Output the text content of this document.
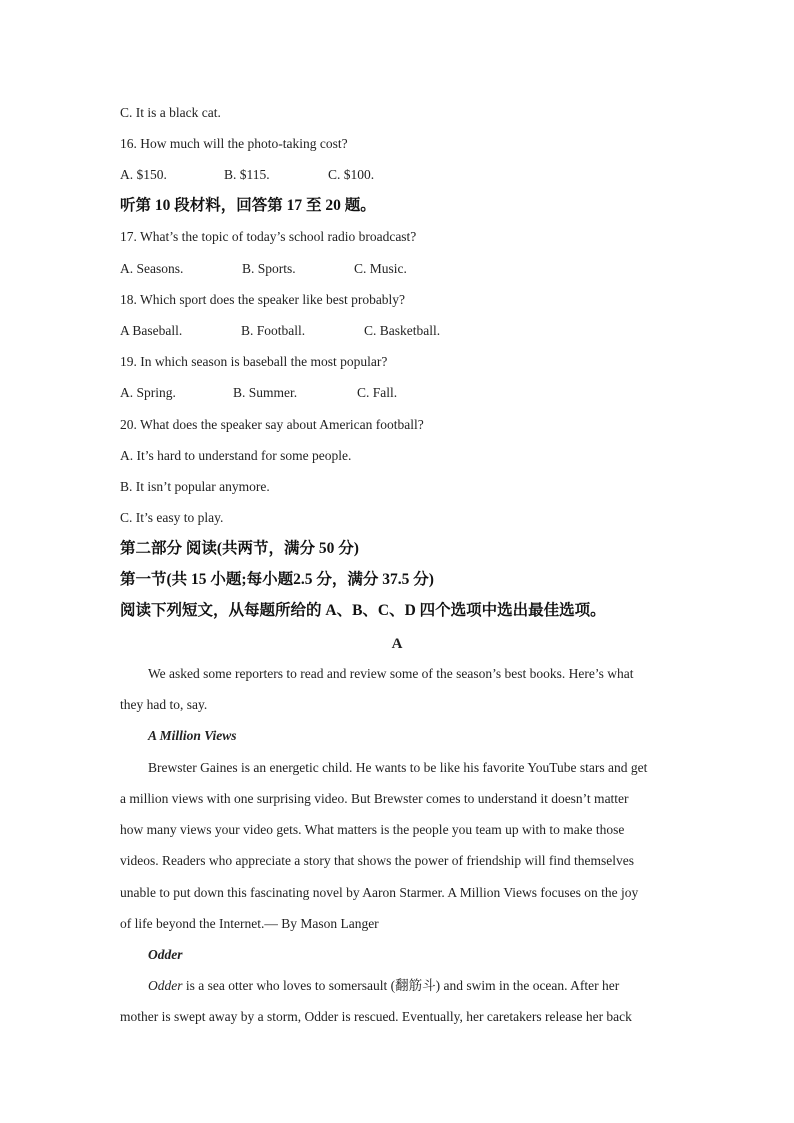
C. It is a black cat.
16. How much will the photo-taking cost?
A. $150.	B. $115.	C. $100.
听第 10 段材料，回答第 17 至 20 题。
17. What’s the topic of today’s school radio broadcast?
A. Seasons.	B. Sports.	C. Music.
18. Which sport does the speaker like best probably?
A Baseball.	B. Football.	C. Basketball.
19. In which season is baseball the most popular?
A. Spring.	B. Summer.	C. Fall.
20. What does the speaker say about American football?
A. It’s hard to understand for some people.
B. It isn’t popular anymore.
C. It’s easy to play.
第二部分 阅读(共两节，满分 50 分)
第一节(共 15 小题;每小题2.5 分，满分 37.5 分)
阅读下列短文，从每题所给的 A、B、C、D 四个选项中选出最佳选项。
A
We asked some reporters to read and review some of the season’s best books. Here’s what
they had to, say.
A Million Views
Brewster Gaines is an energetic child. He wants to be like his favorite YouTube stars and get
a million views with one surprising video. But Brewster comes to understand it doesn’t matter
how many views your video gets. What matters is the people you team up with to make those
videos. Readers who appreciate a story that shows the power of friendship will find themselves
unable to put down this fascinating novel by Aaron Starmer. A Million Views focuses on the joy
of life beyond the Internet.— By Mason Langer
Odder
Odder is a sea otter who loves to somersault (翻筋斗) and swim in the ocean. After her
mother is swept away by a storm, Odder is rescued. Eventually, her caretakers release her back
